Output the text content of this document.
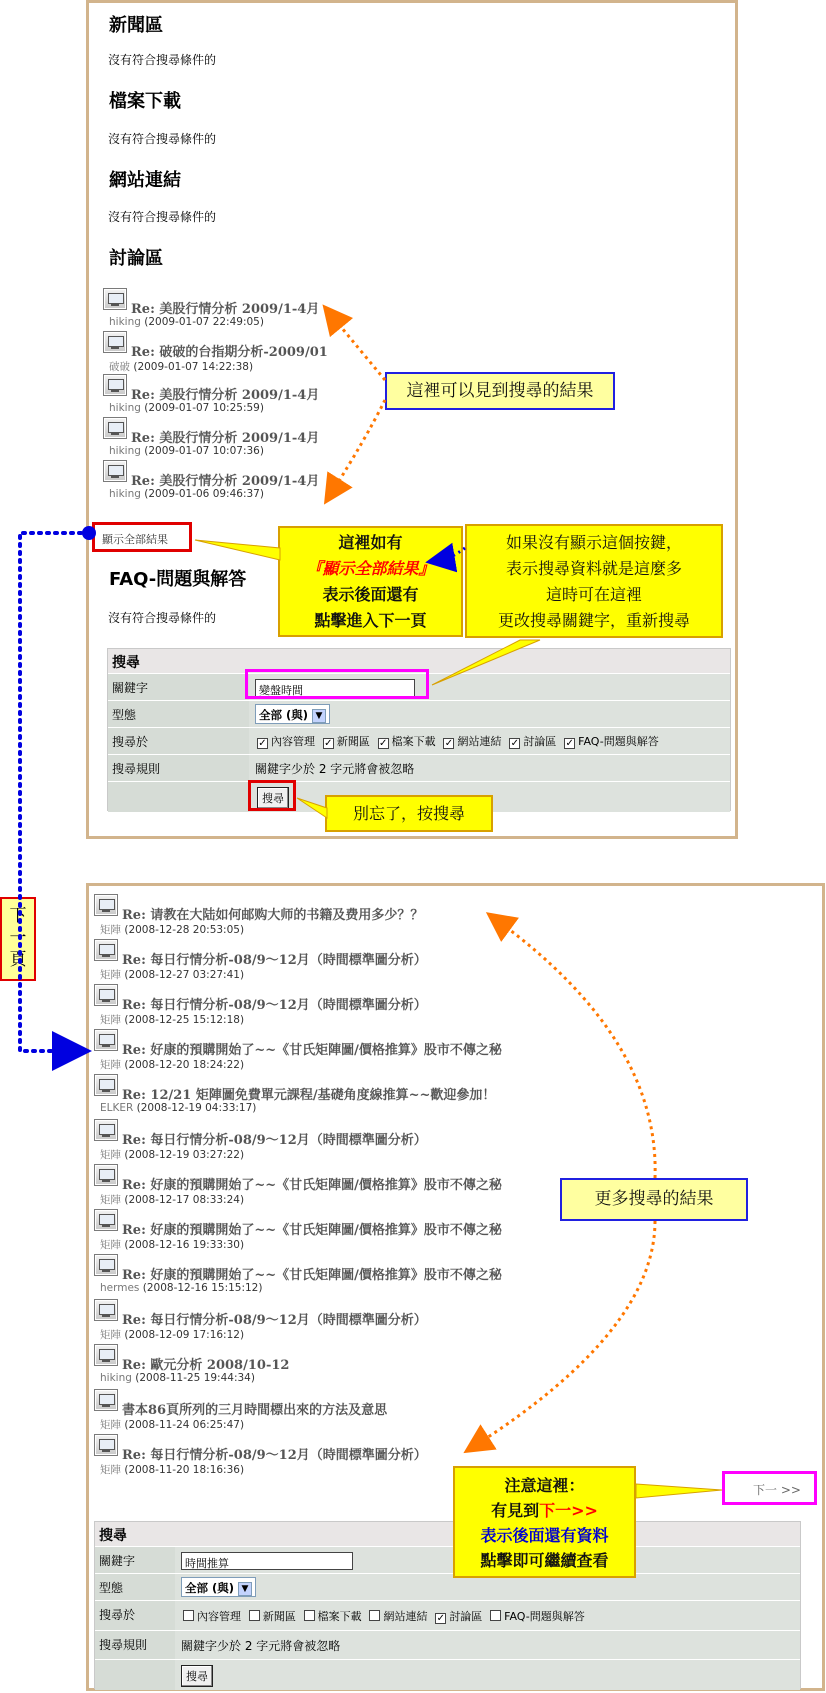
新聞區
沒有符合搜尋條件的
檔案下載
沒有符合搜尋條件的
網站連結
沒有符合搜尋條件的
討論區
Re: 美股行情分析 2009/1-4月
hiking (2009-01-07 22:49:05)
Re: 破破的台指期分析-2009/01
破破 (2009-01-07 14:22:38)
Re: 美股行情分析 2009/1-4月
hiking (2009-01-07 10:25:59)
Re: 美股行情分析 2009/1-4月
hiking (2009-01-07 10:07:36)
Re: 美股行情分析 2009/1-4月
hiking (2009-01-06 09:46:37)
FAQ-問題與解答
沒有符合搜尋條件的
搜尋
關鍵字	變盤時間
型態	全部 (與) ▼
搜尋於	✓ 內容管理 ✓ 新聞區 ✓ 檔案下載 ✓ 網站連結 ✓ 討論區 ✓ FAQ-問題與解答
搜尋規則	關鍵字少於 2 字元將會被忽略
搜尋
顯示全部結果
Re: 请教在大陆如何邮购大师的书籍及费用多少？？
矩陣 (2008-12-28 20:53:05)
Re: 每日行情分析-08/9～12月（時間標準圖分析）
矩陣 (2008-12-27 03:27:41)
Re: 每日行情分析-08/9～12月（時間標準圖分析）
矩陣 (2008-12-25 15:12:18)
Re: 好康的預購開始了~~《甘氏矩陣圖/價格推算》股市不傳之秘
矩陣 (2008-12-20 18:24:22)
Re: 12/21 矩陣圖免費單元課程/基礎角度線推算~~歡迎參加！
ELKER (2008-12-19 04:33:17)
Re: 每日行情分析-08/9～12月（時間標準圖分析）
矩陣 (2008-12-19 03:27:22)
Re: 好康的預購開始了~~《甘氏矩陣圖/價格推算》股市不傳之秘
矩陣 (2008-12-17 08:33:24)
Re: 好康的預購開始了~~《甘氏矩陣圖/價格推算》股市不傳之秘
矩陣 (2008-12-16 19:33:30)
Re: 好康的預購開始了~~《甘氏矩陣圖/價格推算》股市不傳之秘
hermes (2008-12-16 15:15:12)
Re: 每日行情分析-08/9～12月（時間標準圖分析）
矩陣 (2008-12-09 17:16:12)
Re: 歐元分析 2008/10-12
hiking (2008-11-25 19:44:34)
書本86頁所列的三月時間標出來的方法及意思
矩陣 (2008-11-24 06:25:47)
Re: 每日行情分析-08/9～12月（時間標準圖分析）
矩陣 (2008-11-20 18:16:36)
搜尋
關鍵字	時間推算
型態	全部 (與) ▼
搜尋於	內容管理 新聞區 檔案下載 網站連結 ✓ 討論區 FAQ-問題與解答
搜尋規則	關鍵字少於 2 字元將會被忽略
搜尋
下一 >>
這裡可以見到搜尋的結果
這裡如有
『顯示全部結果』
表示後面還有
點擊進入下一頁
如果沒有顯示這個按鍵，
表示搜尋資料就是這麼多
這時可在這裡
更改搜尋關鍵字，重新搜尋
別忘了，按搜尋
下一頁
更多搜尋的結果
注意這裡：
有見到下一>>
表示後面還有資料
點擊即可繼續查看
